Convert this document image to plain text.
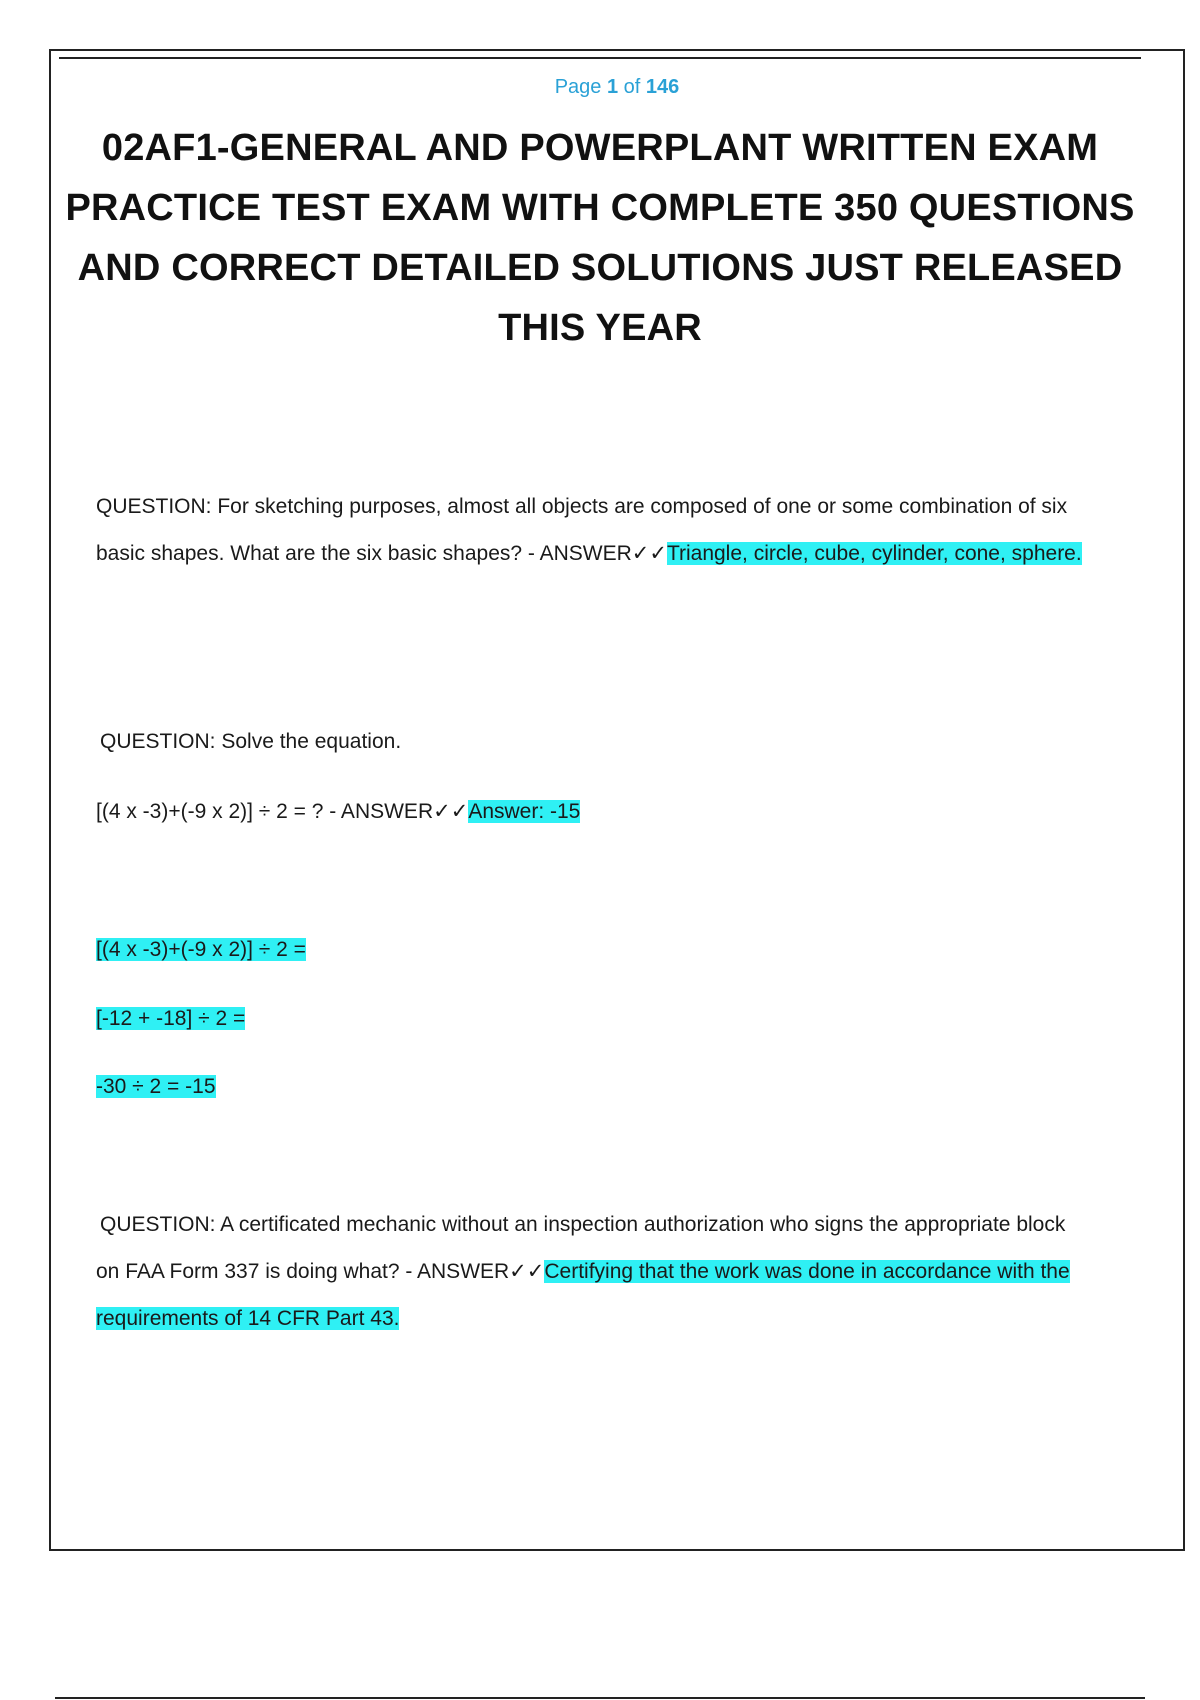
Page 1 of 146
02AF1-GENERAL AND POWERPLANT WRITTEN EXAM PRACTICE TEST EXAM WITH COMPLETE 350 QUESTIONS AND CORRECT DETAILED SOLUTIONS JUST RELEASED THIS YEAR
QUESTION: For sketching purposes, almost all objects are composed of one or some combination of six basic shapes. What are the six basic shapes? - ANSWER✓✓Triangle, circle, cube, cylinder, cone, sphere.
QUESTION: Solve the equation.
[(4 x -3)+(-9 x 2)] ÷ 2 = ? - ANSWER✓✓Answer: -15
[(4 x -3)+(-9 x 2)] ÷ 2 =
[-12 + -18] ÷ 2 =
-30 ÷ 2 = -15
QUESTION: A certificated mechanic without an inspection authorization who signs the appropriate block on FAA Form 337 is doing what? - ANSWER✓✓Certifying that the work was done in accordance with the requirements of 14 CFR Part 43.
